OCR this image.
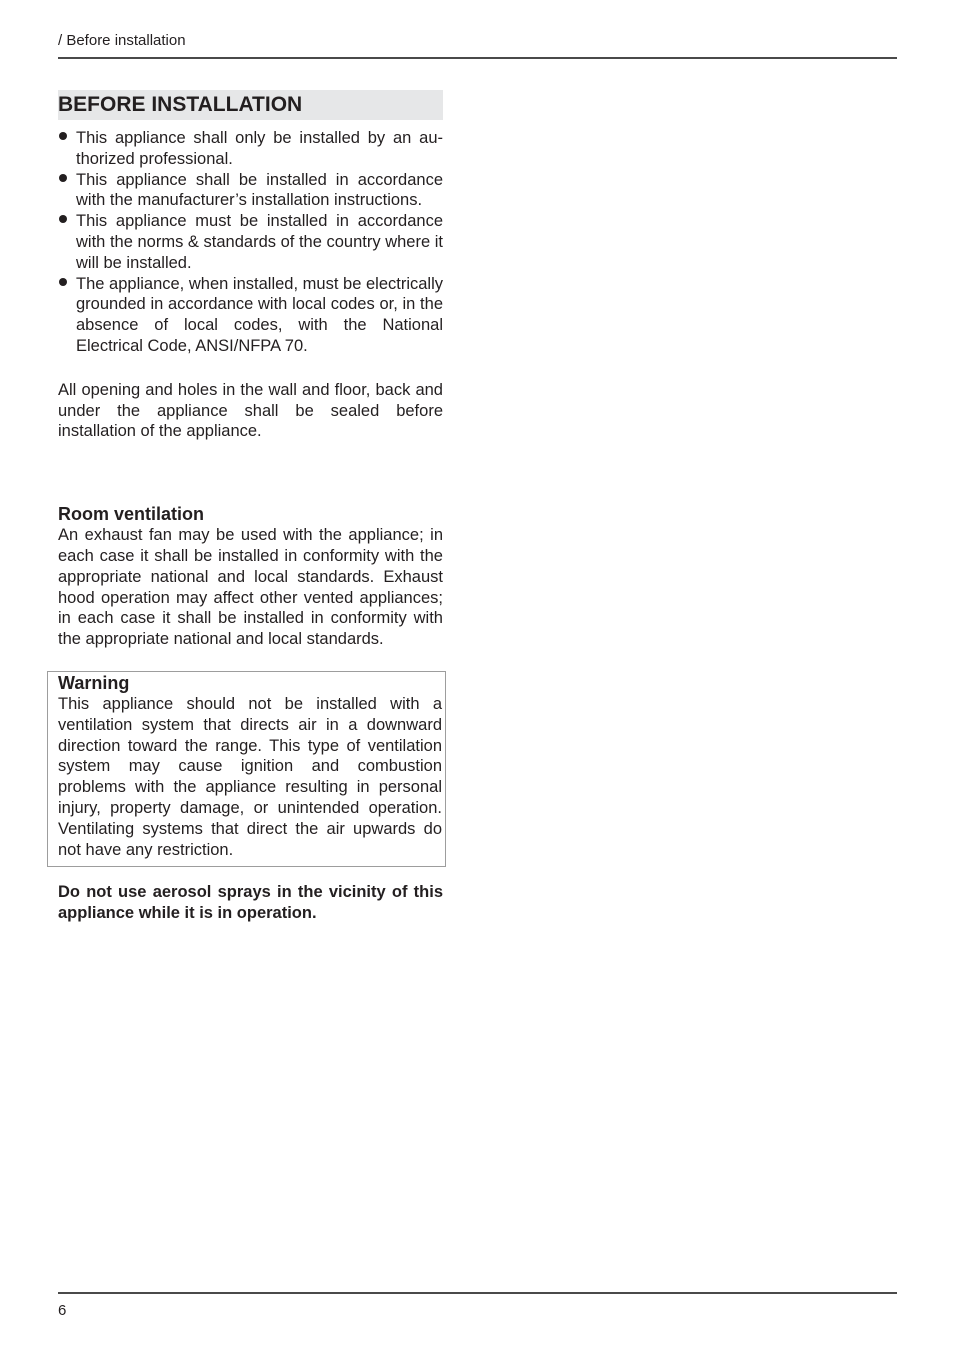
/ Before installation
BEFORE INSTALLATION
This appliance shall only be installed by an authorized professional.
This appliance shall be installed in accordance with the manufacturer’s installation instructions.
This appliance must be installed in accordance with the norms & standards of the country where it will be installed.
The appliance, when installed, must be electrically grounded in accordance with local codes or, in the absence of local codes, with the National Electrical Code, ANSI/NFPA 70.

All opening and holes in the wall and floor, back and under the appliance shall be sealed before installation of the appliance.

Room ventilation

An exhaust fan may be used with the appliance; in each case it shall be installed in conformity with the appropriate national and local standards. Exhaust hood operation may affect other vented appliances; in each case it shall be installed in conformity with the appropriate national and local standards.

Warning

This appliance should not be installed with a ventilation system that directs air in a downward direction toward the range. This type of ventilation system may cause ignition and combustion problems with the appliance resulting in personal injury, property damage, or unintended operation. Ventilating systems that direct the air upwards do not have any restriction.

Do not use aerosol sprays in the vicinity of this appliance while it is in operation.

6
